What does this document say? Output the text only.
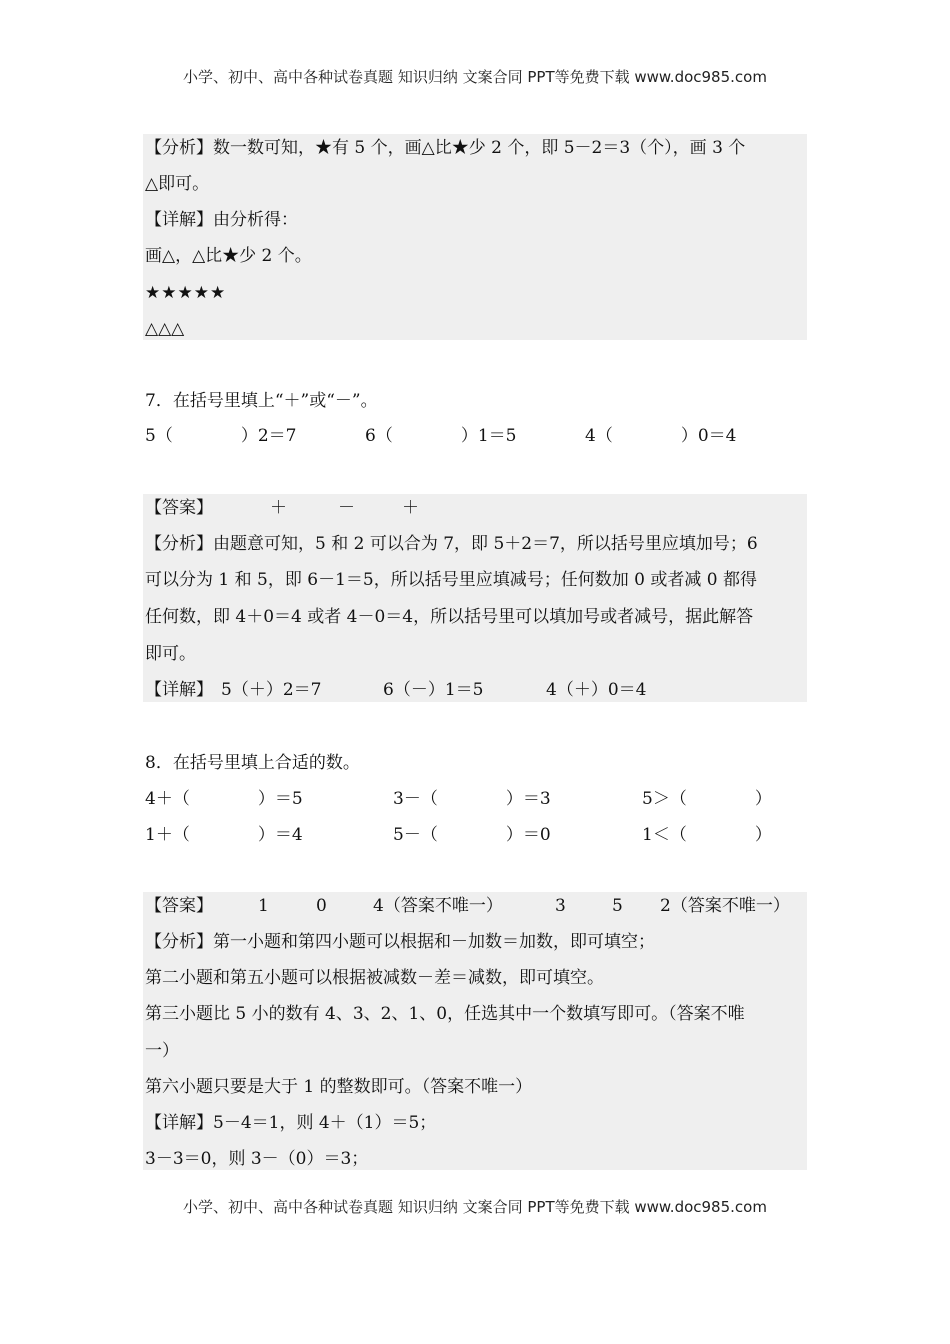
小学、初中、高中各种试卷真题 知识归纳 文案合同 PPT等免费下载 www.doc985.com
【分析】数一数可知，★有 5 个，画△比★少 2 个，即 5－2＝3（个），画 3 个
△即可。
【详解】由分析得：
画△，△比★少 2 个。
★★★★★
△△△
7．在括号里填上“＋”或“－”。
5（　　　　）2＝7	6（　　　　）1＝5	4（　　　　）0＝4
【答案】	＋	－	＋
【分析】由题意可知，5 和 2 可以合为 7，即 5＋2＝7，所以括号里应填加号；6
可以分为 1 和 5，即 6－1＝5，所以括号里应填减号；任何数加 0 或者减 0 都得
任何数，即 4＋0＝4 或者 4－0＝4，所以括号里可以填加号或者减号，据此解答
即可。
【详解】 5（＋）2＝7	6（－）1＝5	4（＋）0＝4
8．在括号里填上合适的数。
4＋（　　　　）＝5	3－（　　　　）＝3	5＞（　　　　）
1＋（　　　　）＝4	5－（　　　　）＝0	1＜（　　　　）
【答案】	1	0	4（答案不唯一）	3	5 2（答案不唯一）
【分析】第一小题和第四小题可以根据和－加数＝加数，即可填空；
第二小题和第五小题可以根据被减数－差＝减数，即可填空。
第三小题比 5 小的数有 4、3、2、1、0，任选其中一个数填写即可。（答案不唯
一）
第六小题只要是大于 1 的整数即可。（答案不唯一）
【详解】5－4＝1，则 4＋（1）＝5；
3－3＝0，则 3－（0）＝3；
小学、初中、高中各种试卷真题 知识归纳 文案合同 PPT等免费下载 www.doc985.com
